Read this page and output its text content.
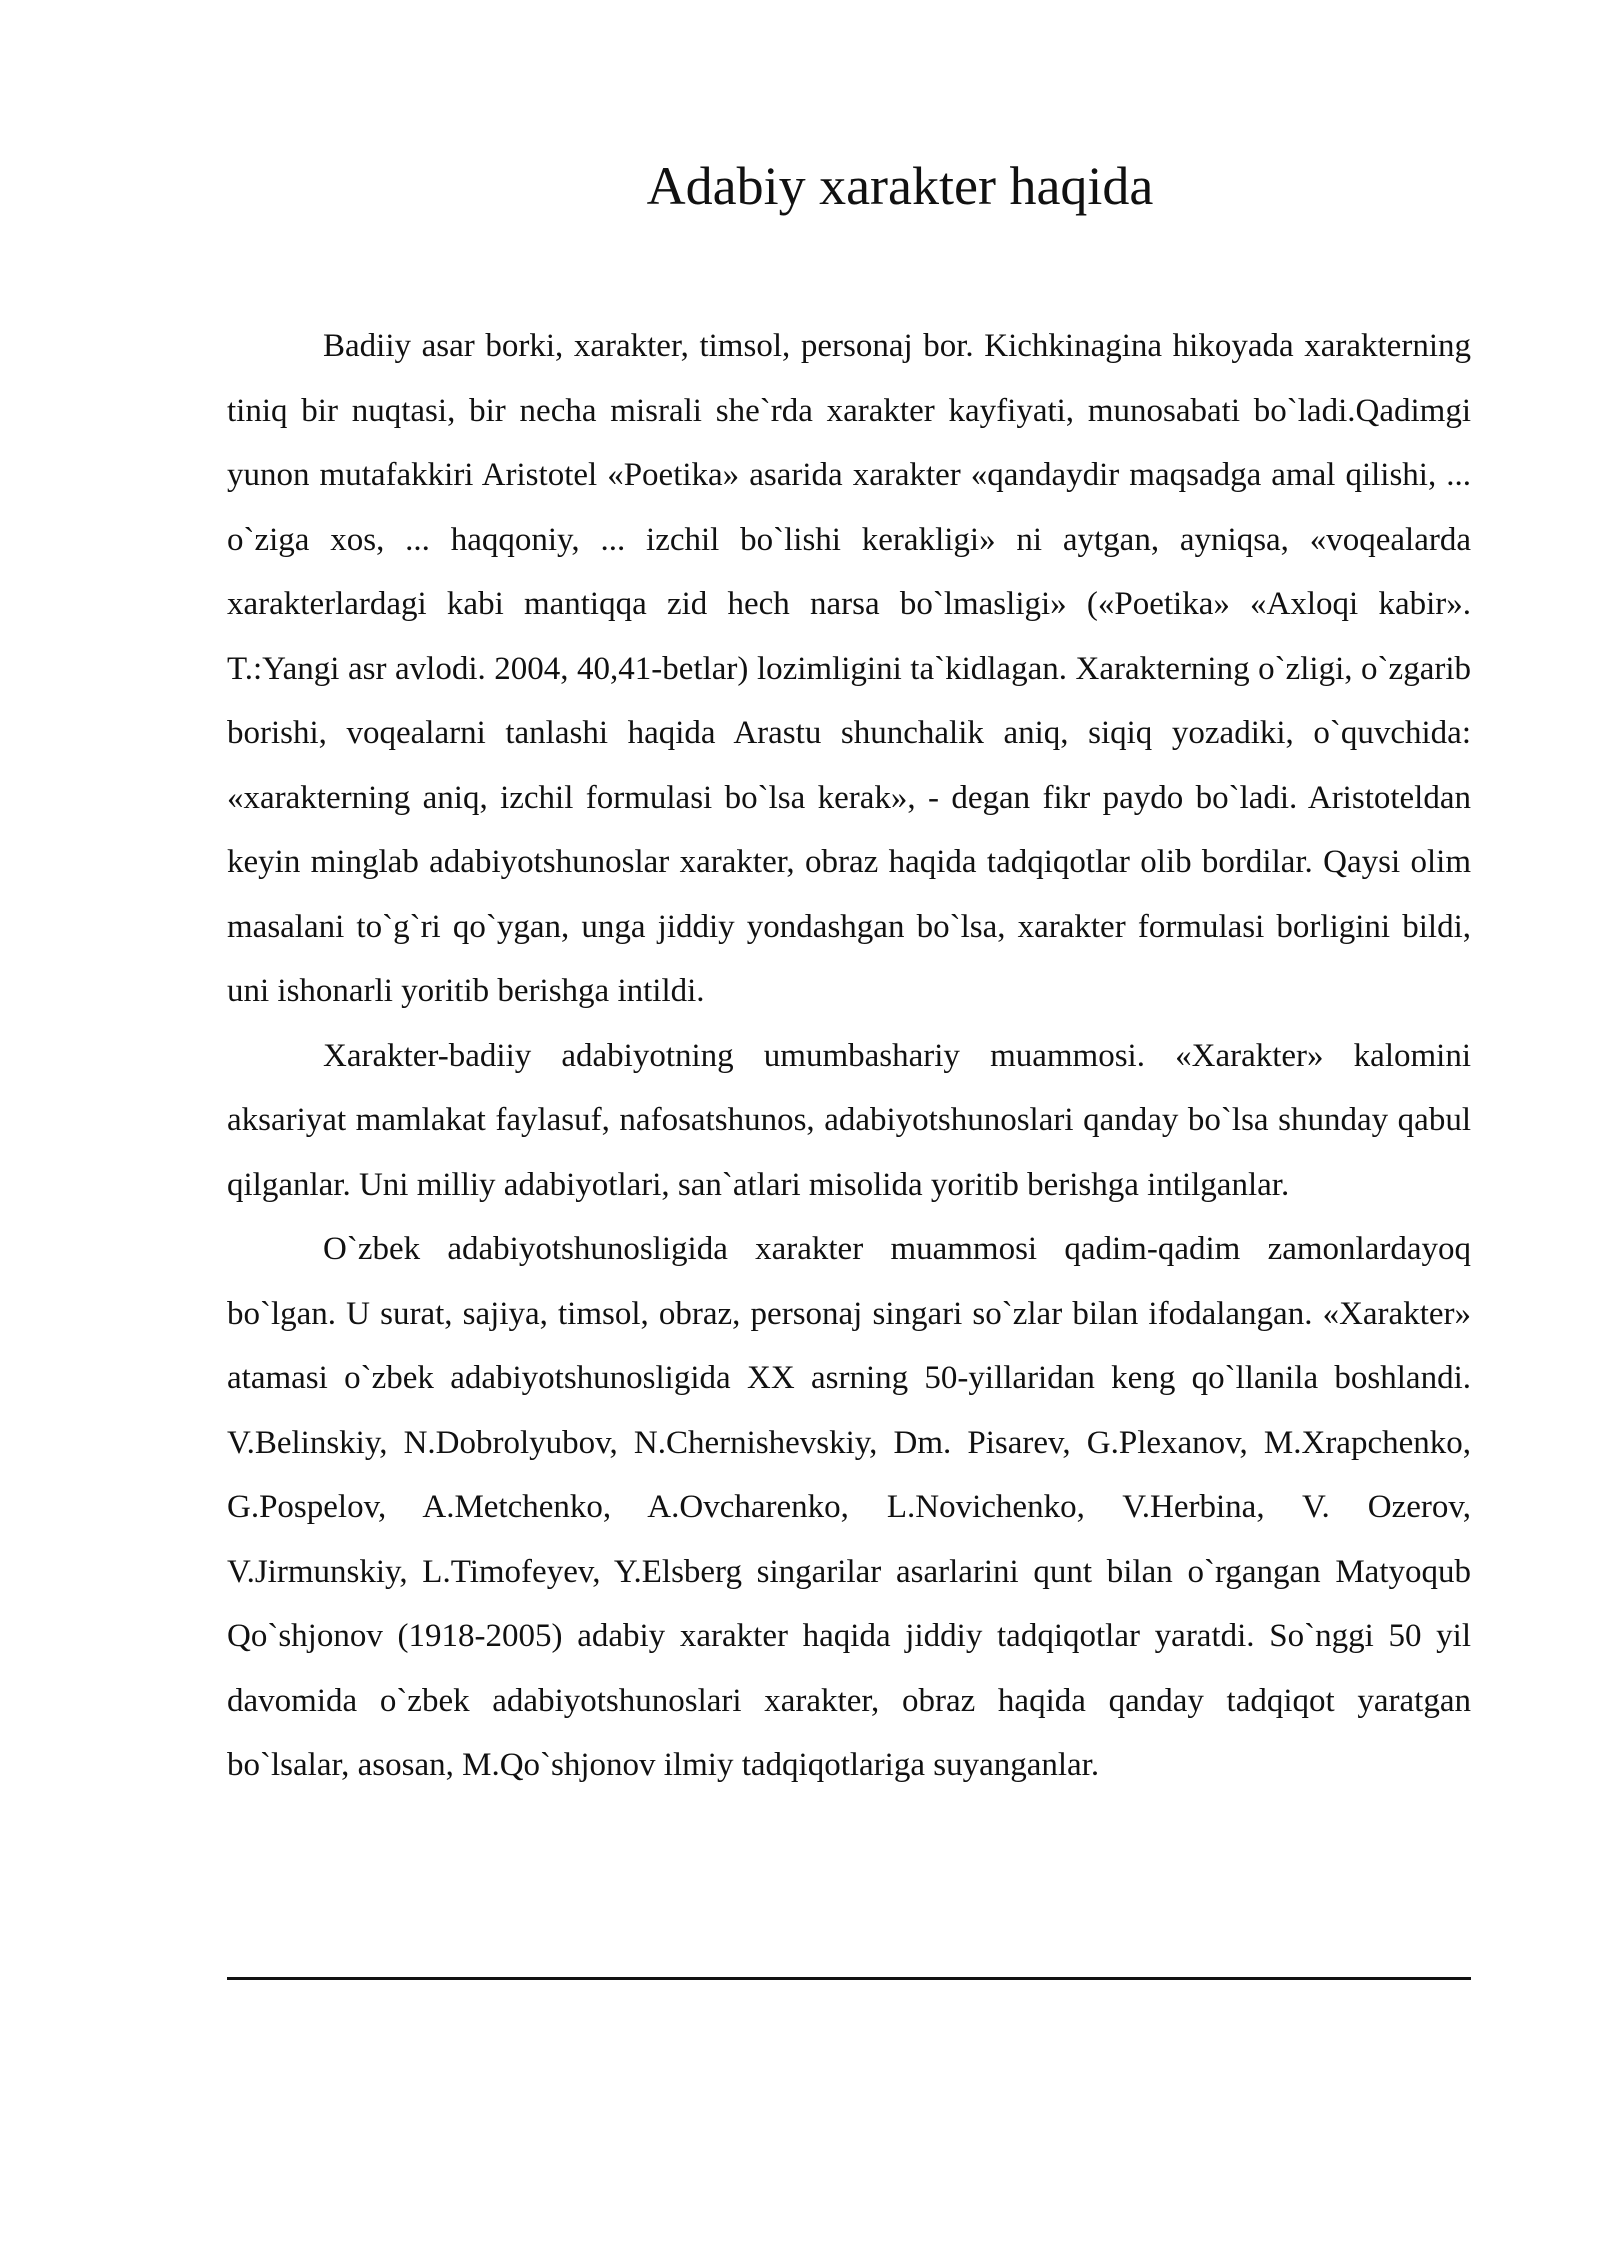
Adabiy xarakter haqida

Badiiy asar borki, xarakter, timsol, personaj bor. Kichkinagina hikoyada xarakterning tiniq bir nuqtasi, bir necha misrali she`rda xarakter kayfiyati, munosabati bo`ladi.Qadimgi yunon mutafakkiri Aristotel «Poetika» asarida xarakter «qandaydir maqsadga amal qilishi, ... o`ziga xos, ... haqqoniy, ... izchil bo`lishi kerakligi» ni aytgan, ayniqsa, «voqealarda xarakterlardagi kabi mantiqqa zid hech narsa bo`lmasligi» («Poetika» «Axloqi kabir». T.:Yangi asr avlodi. 2004, 40,41-betlar) lozimligini ta`kidlagan. Xarakterning o`zligi, o`zgarib borishi, voqealarni tanlashi haqida Arastu shunchalik aniq, siqiq yozadiki, o`quvchida: «xarakterning aniq, izchil formulasi bo`lsa kerak», - degan fikr paydo bo`ladi. Aristoteldan keyin minglab adabiyotshunoslar xarakter, obraz haqida tadqiqotlar olib bordilar. Qaysi olim masalani to`g`ri qo`ygan, unga jiddiy yondashgan bo`lsa, xarakter formulasi borligini bildi, uni ishonarli yoritib berishga intildi.

Xarakter-badiiy adabiyotning umumbashariy muammosi. «Xarakter» kalomini aksariyat mamlakat faylasuf, nafosatshunos, adabiyotshunoslari qanday bo`lsa shunday qabul qilganlar. Uni milliy adabiyotlari, san`atlari misolida yoritib berishga intilganlar.

O`zbek adabiyotshunosligida xarakter muammosi qadim-qadim zamonlardayoq bo`lgan. U surat, sajiya, timsol, obraz, personaj singari so`zlar bilan ifodalangan. «Xarakter» atamasi o`zbek adabiyotshunosligida XX asrning 50-yillaridan keng qo`llanila boshlandi. V.Belinskiy, N.Dobrolyubov, N.Chernishevskiy, Dm. Pisarev, G.Plexanov, M.Xrapchenko, G.Pospelov, A.Metchenko, A.Ovcharenko, L.Novichenko, V.Herbina, V. Ozerov, V.Jirmunskiy, L.Timofeyev, Y.Elsberg singarilar asarlarini qunt bilan o`rgangan Matyoqub Qo`shjonov (1918-2005) adabiy xarakter haqida jiddiy tadqiqotlar yaratdi. So`nggi 50 yil davomida o`zbek adabiyotshunoslari xarakter, obraz haqida qanday tadqiqot yaratgan bo`lsalar, asosan, M.Qo`shjonov ilmiy tadqiqotlariga suyanganlar.
